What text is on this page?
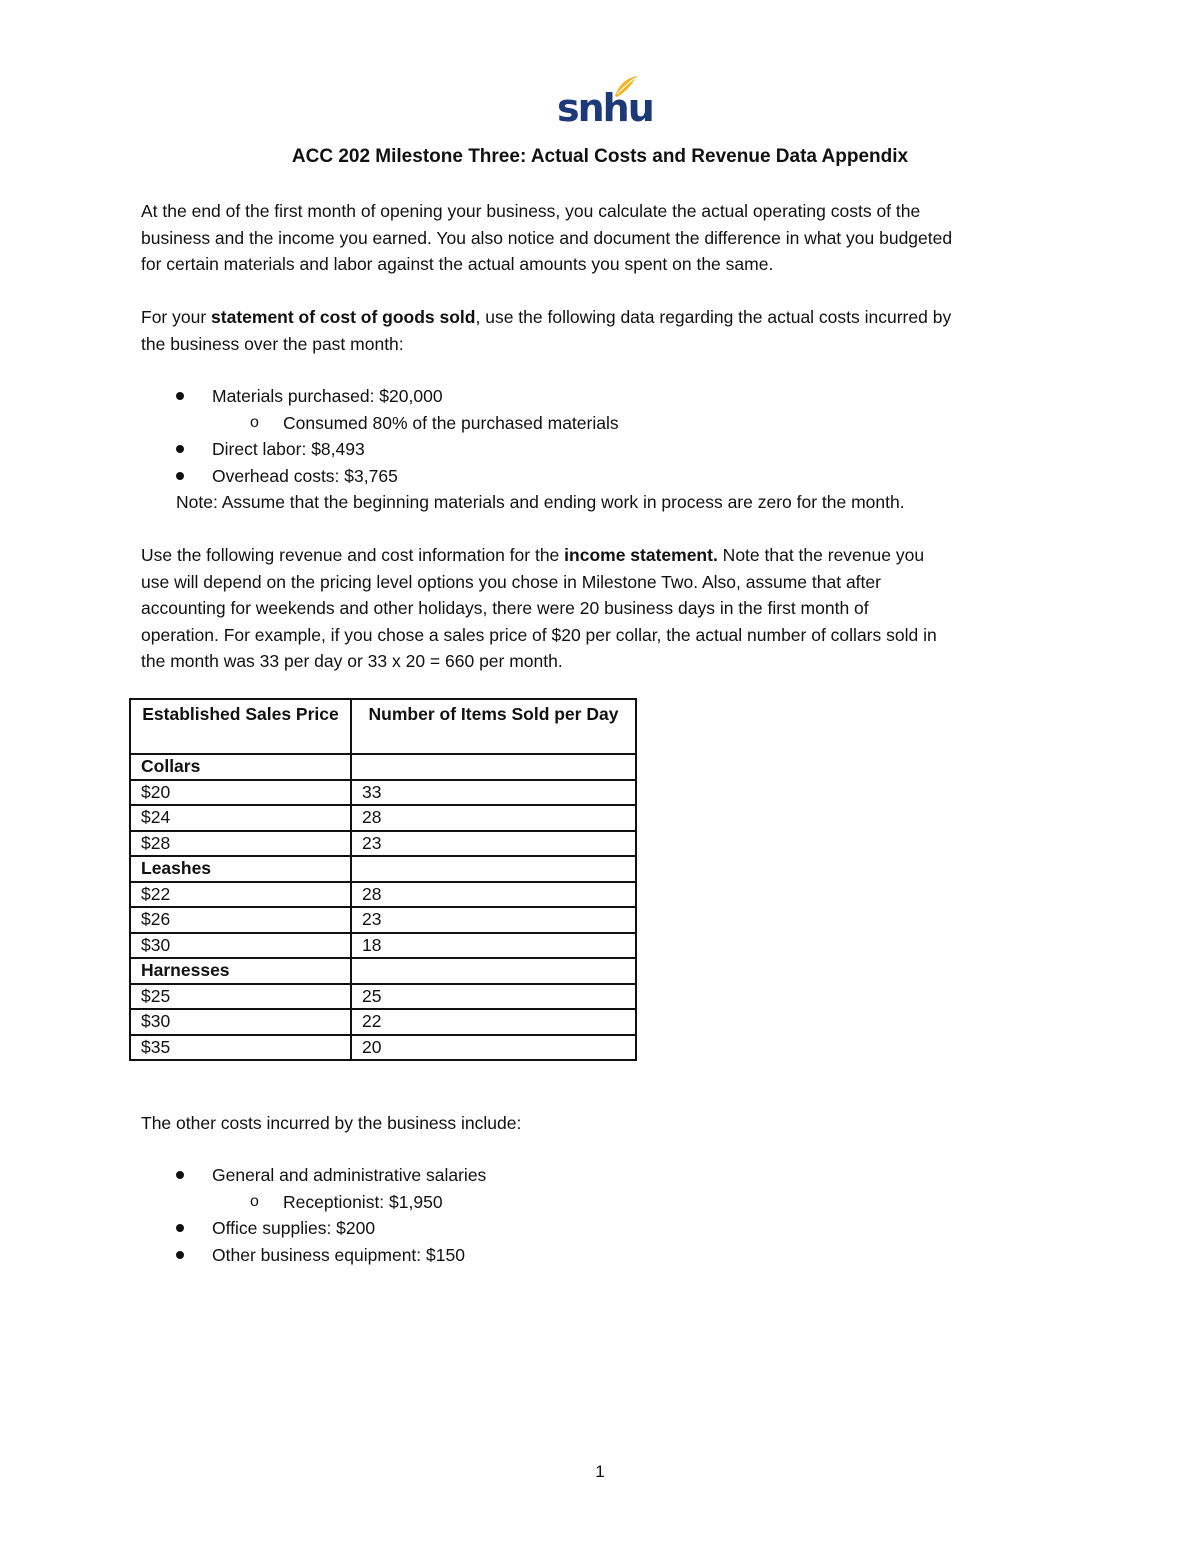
snhu
ACC 202 Milestone Three: Actual Costs and Revenue Data Appendix
At the end of the first month of opening your business, you calculate the actual operating costs of the
business and the income you earned. You also notice and document the difference in what you budgeted
for certain materials and labor against the actual amounts you spent on the same.
For your statement of cost of goods sold, use the following data regarding the actual costs incurred by
the business over the past month:
Materials purchased: $20,000
o Consumed 80% of the purchased materials
Direct labor: $8,493
Overhead costs: $3,765
Note: Assume that the beginning materials and ending work in process are zero for the month.
Use the following revenue and cost information for the income statement. Note that the revenue you
use will depend on the pricing level options you chose in Milestone Two. Also, assume that after
accounting for weekends and other holidays, there were 20 business days in the first month of
operation. For example, if you chose a sales price of $20 per collar, the actual number of collars sold in
the month was 33 per day or 33 x 20 = 660 per month.
Established Sales Price	Number of Items Sold per Day
Collars	
$20	33
$24	28
$28	23
Leashes	
$22	28
$26	23
$30	18
Harnesses	
$25	25
$30	22
$35	20
The other costs incurred by the business include:
General and administrative salaries
o Receptionist: $1,950
Office supplies: $200
Other business equipment: $150
1
